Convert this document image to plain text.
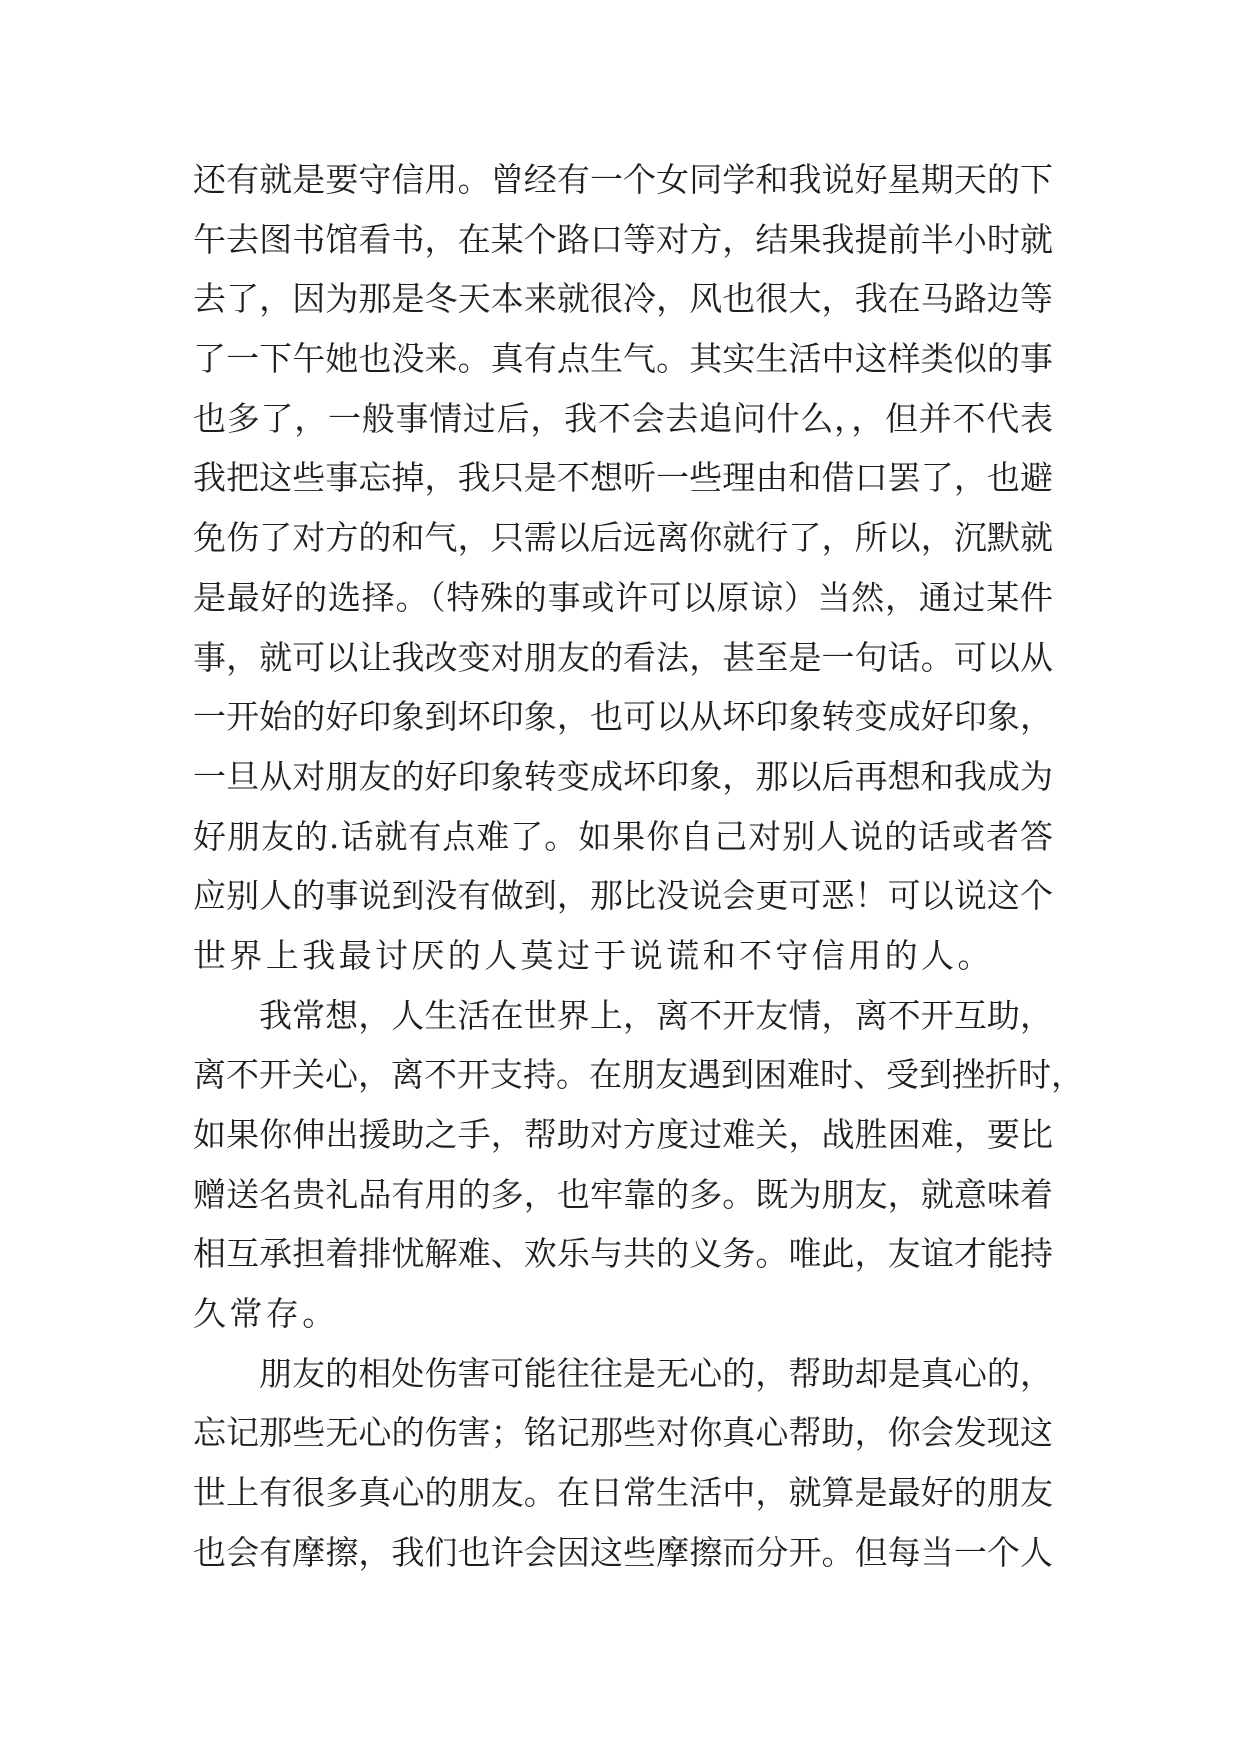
还有就是要守信用。曾经有一个女同学和我说好星期天的下
午去图书馆看书，在某个路口等对方，结果我提前半小时就
去了，因为那是冬天本来就很冷，风也很大，我在马路边等
了一下午她也没来。真有点生气。其实生活中这样类似的事
也多了，一般事情过后，我不会去追问什么，，但并不代表
我把这些事忘掉，我只是不想听一些理由和借口罢了，也避
免伤了对方的和气，只需以后远离你就行了，所以，沉默就
是最好的选择。（特殊的事或许可以原谅）当然，通过某件
事，就可以让我改变对朋友的看法，甚至是一句话。可以从
一开始的好印象到坏印象，也可以从坏印象转变成好印象，
一旦从对朋友的好印象转变成坏印象，那以后再想和我成为
好朋友的.话就有点难了。如果你自己对别人说的话或者答
应别人的事说到没有做到，那比没说会更可恶！可以说这个
世界上我最讨厌的人莫过于说谎和不守信用的人。
我常想，人生活在世界上，离不开友情，离不开互助，
离不开关心，离不开支持。在朋友遇到困难时、受到挫折时，
如果你伸出援助之手，帮助对方度过难关，战胜困难，要比
赠送名贵礼品有用的多，也牢靠的多。既为朋友，就意味着
相互承担着排忧解难、欢乐与共的义务。唯此，友谊才能持
久常存。
朋友的相处伤害可能往往是无心的，帮助却是真心的，
忘记那些无心的伤害；铭记那些对你真心帮助，你会发现这
世上有很多真心的朋友。在日常生活中，就算是最好的朋友
也会有摩擦，我们也许会因这些摩擦而分开。但每当一个人
